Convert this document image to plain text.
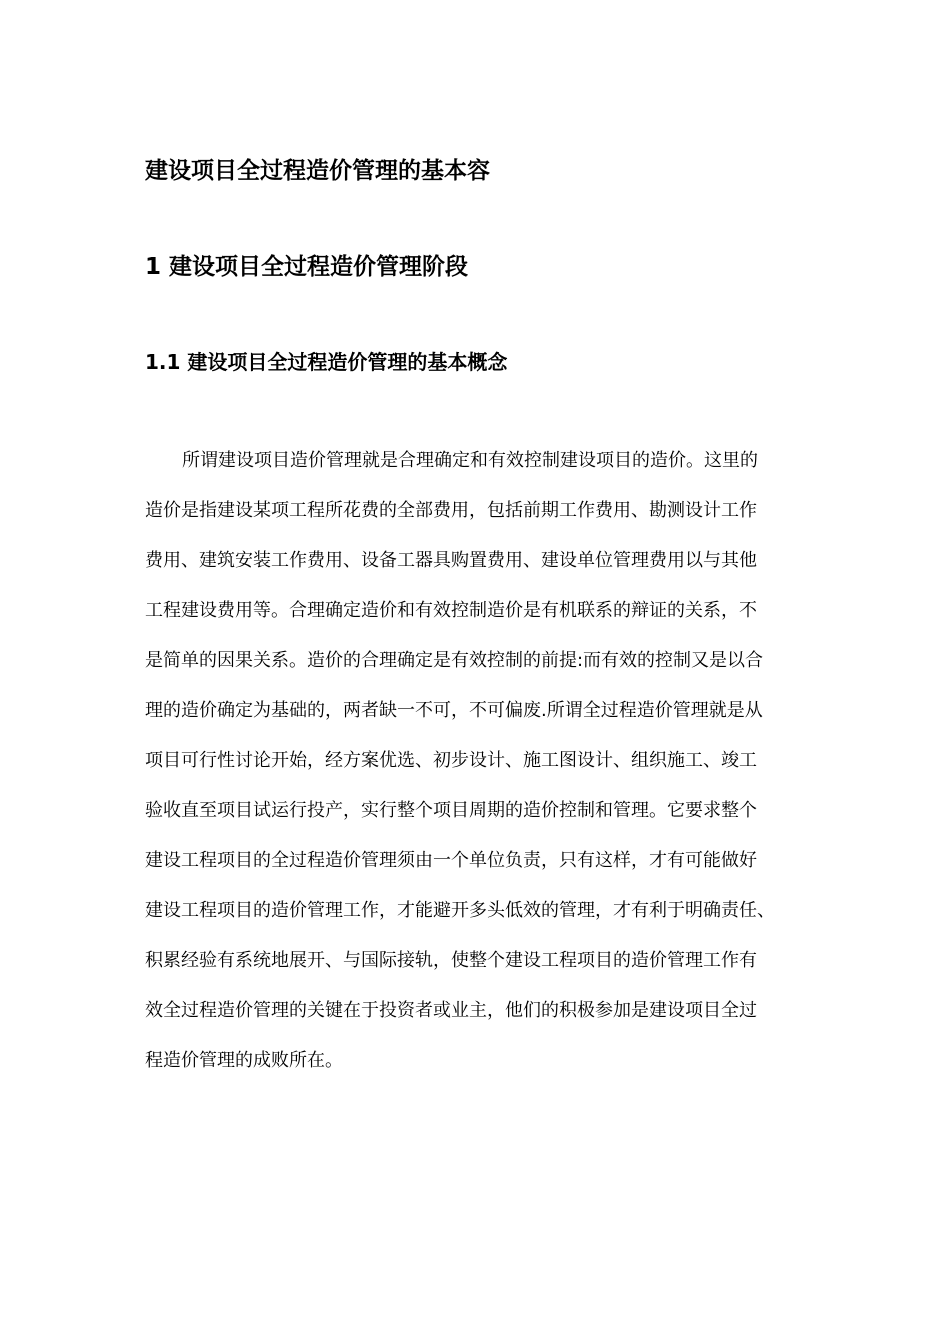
建设项目全过程造价管理的基本容
1 建设项目全过程造价管理阶段
1.1 建设项目全过程造价管理的基本概念

所谓建设项目造价管理就是合理确定和有效控制建设项目的造价。这里的
造价是指建设某项工程所花费的全部费用，包括前期工作费用、勘测设计工作
费用、建筑安装工作费用、设备工器具购置费用、建设单位管理费用以与其他
工程建设费用等。合理确定造价和有效控制造价是有机联系的辩证的关系，不
是简单的因果关系。造价的合理确定是有效控制的前提:而有效的控制又是以合
理的造价确定为基础的，两者缺一不可，不可偏废.所谓全过程造价管理就是从
项目可行性讨论开始，经方案优选、初步设计、施工图设计、组织施工、竣工
验收直至项目试运行投产，实行整个项目周期的造价控制和管理。它要求整个
建设工程项目的全过程造价管理须由一个单位负责，只有这样，才有可能做好
建设工程项目的造价管理工作，才能避开多头低效的管理，才有利于明确责任、
积累经验有系统地展开、与国际接轨，使整个建设工程项目的造价管理工作有
效全过程造价管理的关键在于投资者或业主，他们的积极参加是建设项目全过
程造价管理的成败所在。
